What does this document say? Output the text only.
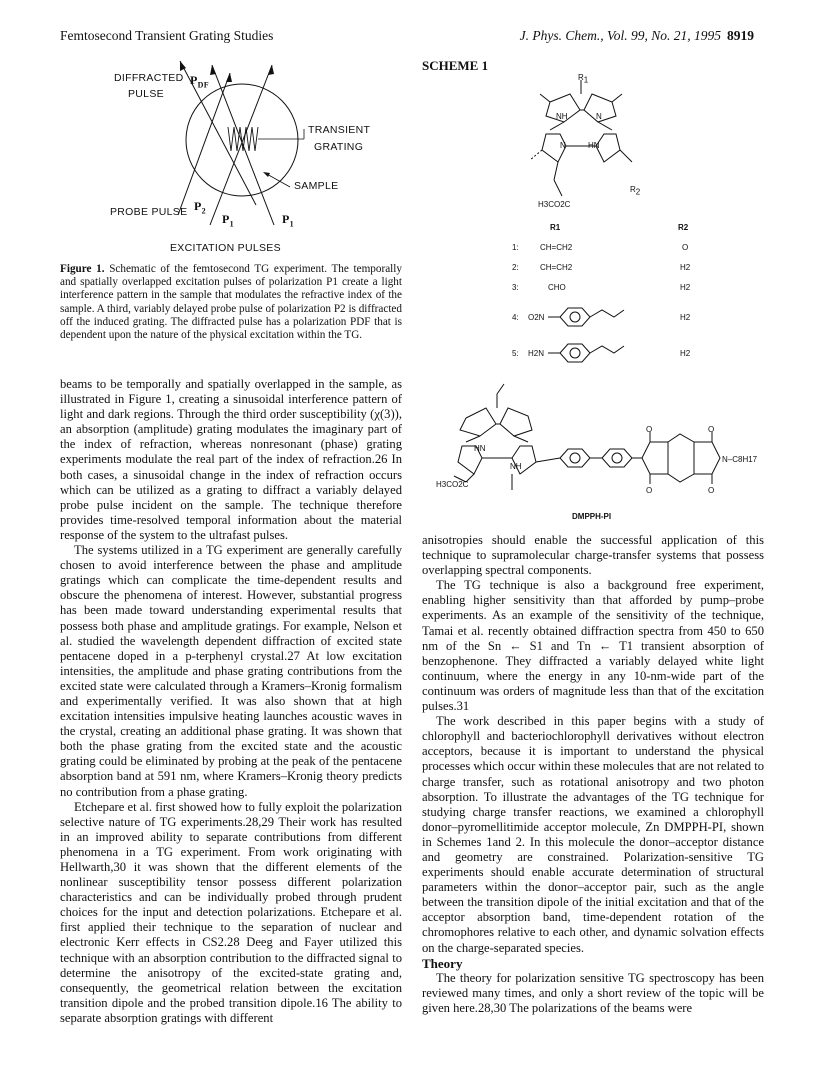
Femtosecond Transient Grating Studies	J. Phys. Chem., Vol. 99, No. 21, 1995 8919
DIFFRACTED
PULSE
$P_{DF}$
TRANSIENT
GRATING
SAMPLE
PROBE PULSE $P_2$
$P_1$	$P_1$
EXCITATION PULSES
Figure 1. Schematic of the femtosecond TG experiment. The temporally and spatially overlapped excitation pulses of polarization P1 create a light interference pattern in the sample that modulates the refractive index of the sample. A third, variably delayed probe pulse of polarization P2 is diffracted off the induced grating. The diffracted pulse has a polarization PDF that is dependent upon the nature of the physical excitation within the TG.

beams to be temporally and spatially overlapped in the sample, as illustrated in Figure 1, creating a sinusoidal interference pattern of light and dark regions. Through the third order susceptibility (χ(3)), an absorption (amplitude) grating modulates the imaginary part of the index of refraction, whereas nonresonant (phase) grating experiments modulate the real part of the index of refraction.26 In both cases, a sinusoidal change in the index of refraction occurs which can be utilized as a grating to diffract a variably delayed probe pulse incident on the sample. The technique therefore provides time-resolved temporal information about the material response of the system to the ultrafast pulses.

The systems utilized in a TG experiment are generally carefully chosen to avoid interference between the phase and amplitude gratings which can complicate the time-dependent results and obscure the phenomena of interest. However, substantial progress has been made toward understanding experimental results that possess both phase and amplitude gratings. For example, Nelson et al. studied the wavelength dependent diffraction of excited state pentacene doped in a p-terphenyl crystal.27 At low excitation intensities, the amplitude and phase grating contributions from the excited state were calculated through a Kramers–Kronig formalism and experimentally verified. It was also shown that at high excitation intensities impulsive heating launches acoustic waves in the crystal, creating an additional phase grating. It was shown that both the phase grating from the excited state and the acoustic grating could be eliminated by probing at the peak of the pentacene absorption band at 591 nm, where Kramers–Kronig theory predicts no contribution from a phase grating.

Etchepare et al. first showed how to fully exploit the polarization selective nature of TG experiments.28,29 Their work has resulted in an improved ability to separate contributions from different phenomena in a TG experiment. From work originating with Hellwarth,30 it was shown that the different elements of the nonlinear susceptibility tensor possess different polarization characteristics and can be individually probed through prudent choices for the input and detection polarizations. Etchepare et al. first applied their technique to the separation of nuclear and electronic Kerr effects in CS2.28 Deeg and Fayer utilized this technique with an absorption contribution to the diffracted signal to determine the anisotropy of the excited-state grating and, consequently, the geometrical relation between the excitation transition dipole and the probed transition dipole.16 The ability to separate absorption gratings with different

SCHEME 1
$R_1$
NH	N
N	HN
$R_2$
H3CO2C
R1	R2
1:	CH=CH2	O
2:	CH=CH2	H2
3:	CHO	H2
4: O2N	H2
5: H2N	H2
O	O
O	O
N–C8H17
HN
NH
H3CO2C
DMPPH-PI

anisotropies should enable the successful application of this technique to supramolecular charge-transfer systems that possess overlapping spectral components.

The TG technique is also a background free experiment, enabling higher sensitivity than that afforded by pump–probe experiments. As an example of the sensitivity of the technique, Tamai et al. recently obtained diffraction spectra from 450 to 650 nm of the Sn ← S1 and Tn ← T1 transient absorption of benzophenone. They diffracted a variably delayed white light continuum, where the energy in any 10-nm-wide part of the continuum was orders of magnitude less than that of the excitation pulses.31

The work described in this paper begins with a study of chlorophyll and bacteriochlorophyll derivatives without electron acceptors, because it is important to understand the physical processes which occur within these molecules that are not related to charge transfer, such as rotational anisotropy and two photon absorption. To illustrate the advantages of the TG technique for studying charge transfer reactions, we examined a chlorophyll donor–pyromellitimide acceptor molecule, Zn DMPPH-PI, shown in Schemes 1and 2. In this molecule the donor–acceptor distance and geometry are constrained. Polarization-sensitive TG experiments should enable accurate determination of structural parameters within the donor–acceptor pair, such as the angle between the transition dipole of the initial excitation and that of the acceptor absorption band, time-dependent rotation of the chromophores relative to each other, and dynamic solvation effects on the charge-separated species.

Theory

The theory for polarization sensitive TG spectroscopy has been reviewed many times, and only a short review of the topic will be given here.28,30 The polarizations of the beams were
